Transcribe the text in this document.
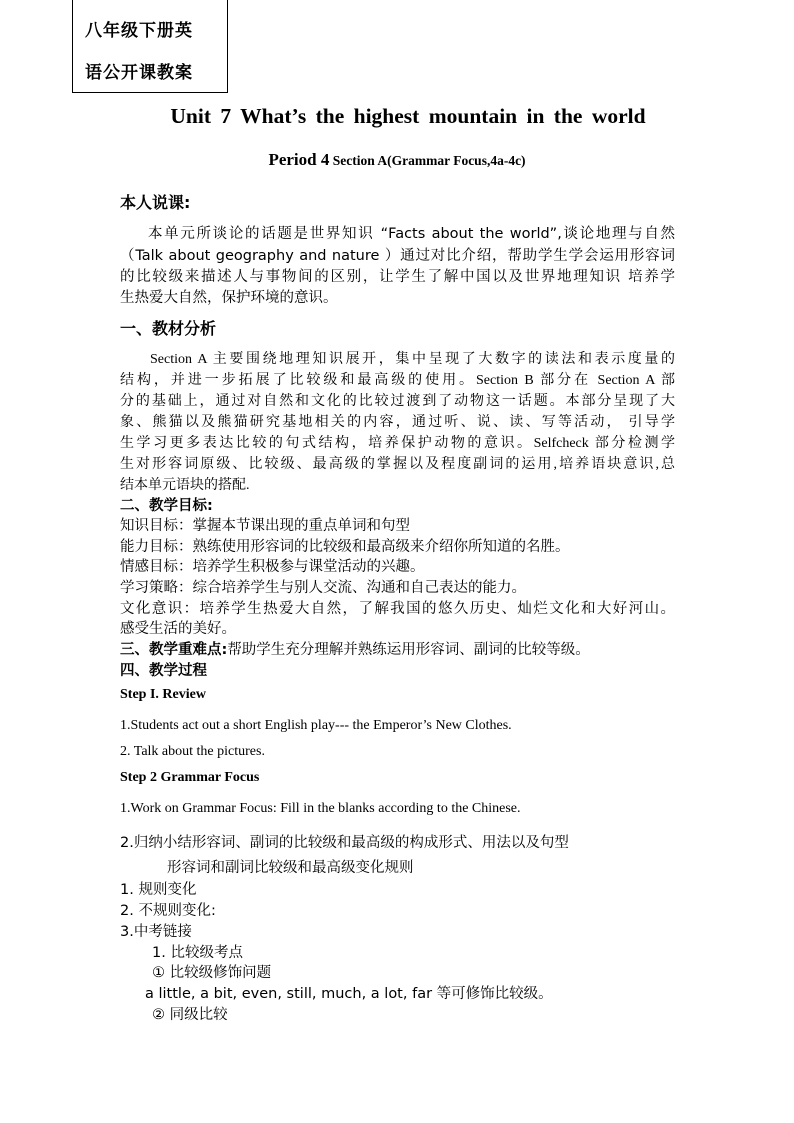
八年级下册英
语公开课教案
Unit 7 What’s the highest mountain in the world
Period 4 Section A(Grammar Focus,4a-4c)
本人说课:
本单元所谈论的话题是世界知识 “Facts about the world”,谈论地理与自然
（Talk about geography and nature ）通过对比介绍，帮助学生学会运用形容词
的比较级来描述人与事物间的区别，让学生了解中国以及世界地理知识 培养学
生热爱大自然，保护环境的意识。
一、教材分析
Section A 主要围绕地理知识展开，集中呈现了大数字的读法和表示度量的
结构，并进一步拓展了比较级和最高级的使用。Section B 部分在 Section A 部
分的基础上，通过对自然和文化的比较过渡到了动物这一话题。本部分呈现了大
象、熊猫以及熊猫研究基地相关的内容，通过听、说、读、写等活动， 引导学
生学习更多表达比较的句式结构，培养保护动物的意识。Selfcheck 部分检测学
生对形容词原级、比较级、最高级的掌握以及程度副词的运用,培养语块意识,总
结本单元语块的搭配.
二、教学目标:
知识目标：掌握本节课出现的重点单词和句型
能力目标：熟练使用形容词的比较级和最高级来介绍你所知道的名胜。
情感目标：培养学生积极参与课堂活动的兴趣。
学习策略：综合培养学生与别人交流、沟通和自己表达的能力。
文化意识：培养学生热爱大自然，了解我国的悠久历史、灿烂文化和大好河山。
感受生活的美好。
三、教学重难点:帮助学生充分理解并熟练运用形容词、副词的比较等级。
四、教学过程
Step I. Review
1.Students act out a short English play--- the Emperor’s New Clothes.
2. Talk about the pictures.
Step 2 Grammar Focus
1.Work on Grammar Focus: Fill in the blanks according to the Chinese.
2.归纳小结形容词、副词的比较级和最高级的构成形式、用法以及句型
形容词和副词比较级和最高级变化规则
1. 规则变化
2. 不规则变化:
3.中考链接
1. 比较级考点
① 比较级修饰问题
a little, a bit, even, still, much, a lot, far 等可修饰比较级。
② 同级比较
